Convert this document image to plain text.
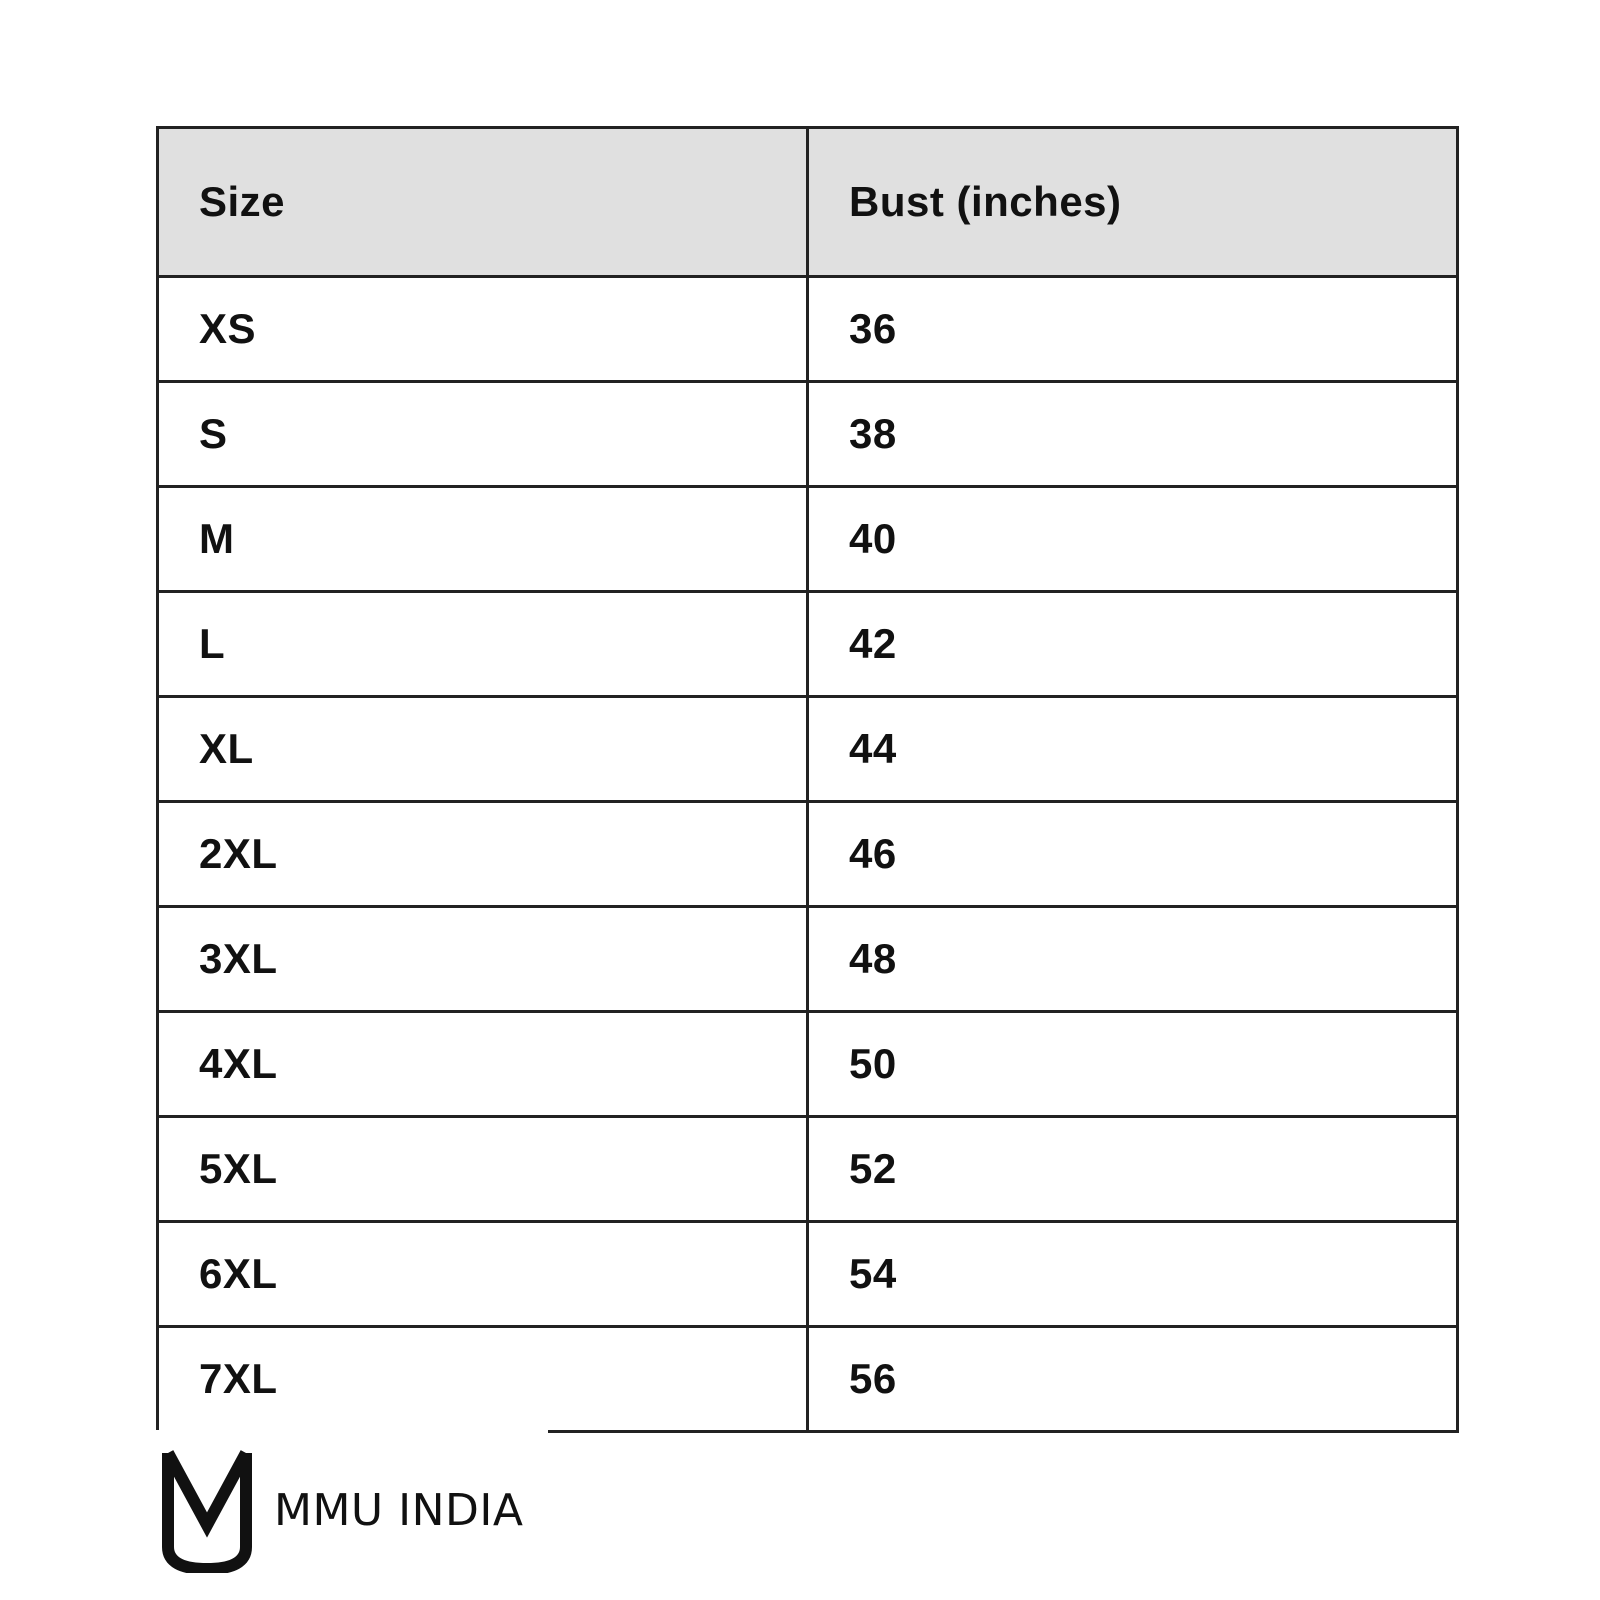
Size	Bust (inches)
XS	36
S	38
M	40
L	42
XL	44
2XL	46
3XL	48
4XL	50
5XL	52
6XL	54
7XL	56
MMU INDIA
